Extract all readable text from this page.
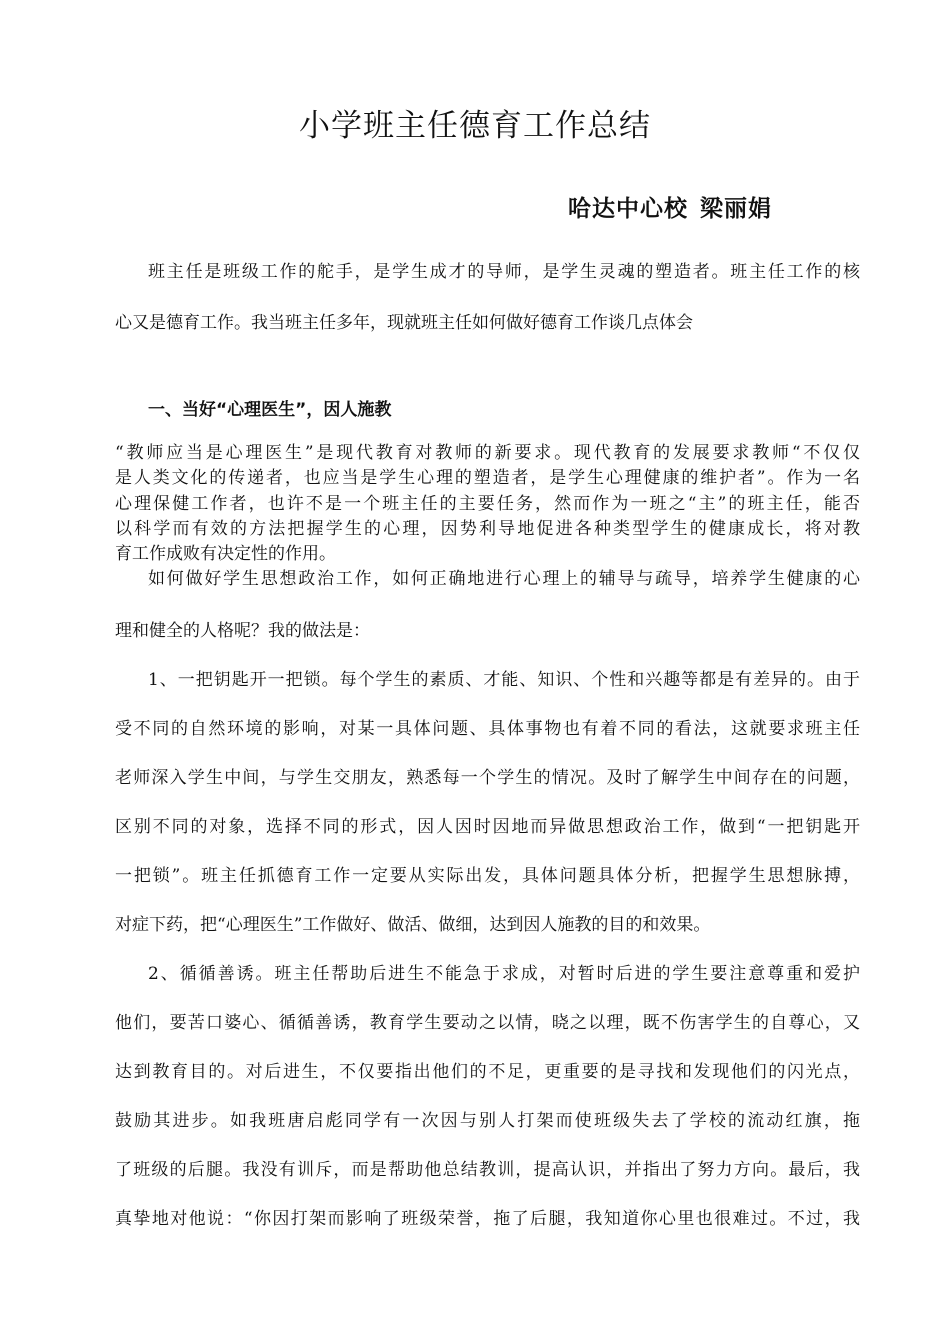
小学班主任德育工作总结
哈达中心校 梁丽娟
班主任是班级工作的舵手，是学生成才的导师，是学生灵魂的塑造者。班主任工作的核
心又是德育工作。我当班主任多年，现就班主任如何做好德育工作谈几点体会
一、当好“心理医生”，因人施教
“教师应当是心理医生”是现代教育对教师的新要求。现代教育的发展要求教师“不仅仅
是人类文化的传递者，也应当是学生心理的塑造者，是学生心理健康的维护者”。作为一名
心理保健工作者，也许不是一个班主任的主要任务，然而作为一班之“主”的班主任，能否
以科学而有效的方法把握学生的心理，因势利导地促进各种类型学生的健康成长，将对教
育工作成败有决定性的作用。
如何做好学生思想政治工作，如何正确地进行心理上的辅导与疏导，培养学生健康的心
理和健全的人格呢？我的做法是：
1、一把钥匙开一把锁。每个学生的素质、才能、知识、个性和兴趣等都是有差异的。由于
受不同的自然环境的影响，对某一具体问题、具体事物也有着不同的看法，这就要求班主任
老师深入学生中间，与学生交朋友，熟悉每一个学生的情况。及时了解学生中间存在的问题，
区别不同的对象，选择不同的形式，因人因时因地而异做思想政治工作，做到“一把钥匙开
一把锁”。班主任抓德育工作一定要从实际出发，具体问题具体分析，把握学生思想脉搏，
对症下药，把“心理医生”工作做好、做活、做细，达到因人施教的目的和效果。
2、循循善诱。班主任帮助后进生不能急于求成，对暂时后进的学生要注意尊重和爱护
他们，要苦口婆心、循循善诱，教育学生要动之以情，晓之以理，既不伤害学生的自尊心，又
达到教育目的。对后进生，不仅要指出他们的不足，更重要的是寻找和发现他们的闪光点，
鼓励其进步。如我班唐启彪同学有一次因与别人打架而使班级失去了学校的流动红旗，拖
了班级的后腿。我没有训斥，而是帮助他总结教训，提高认识，并指出了努力方向。最后，我
真挚地对他说：“你因打架而影响了班级荣誉，拖了后腿，我知道你心里也很难过。不过，我
